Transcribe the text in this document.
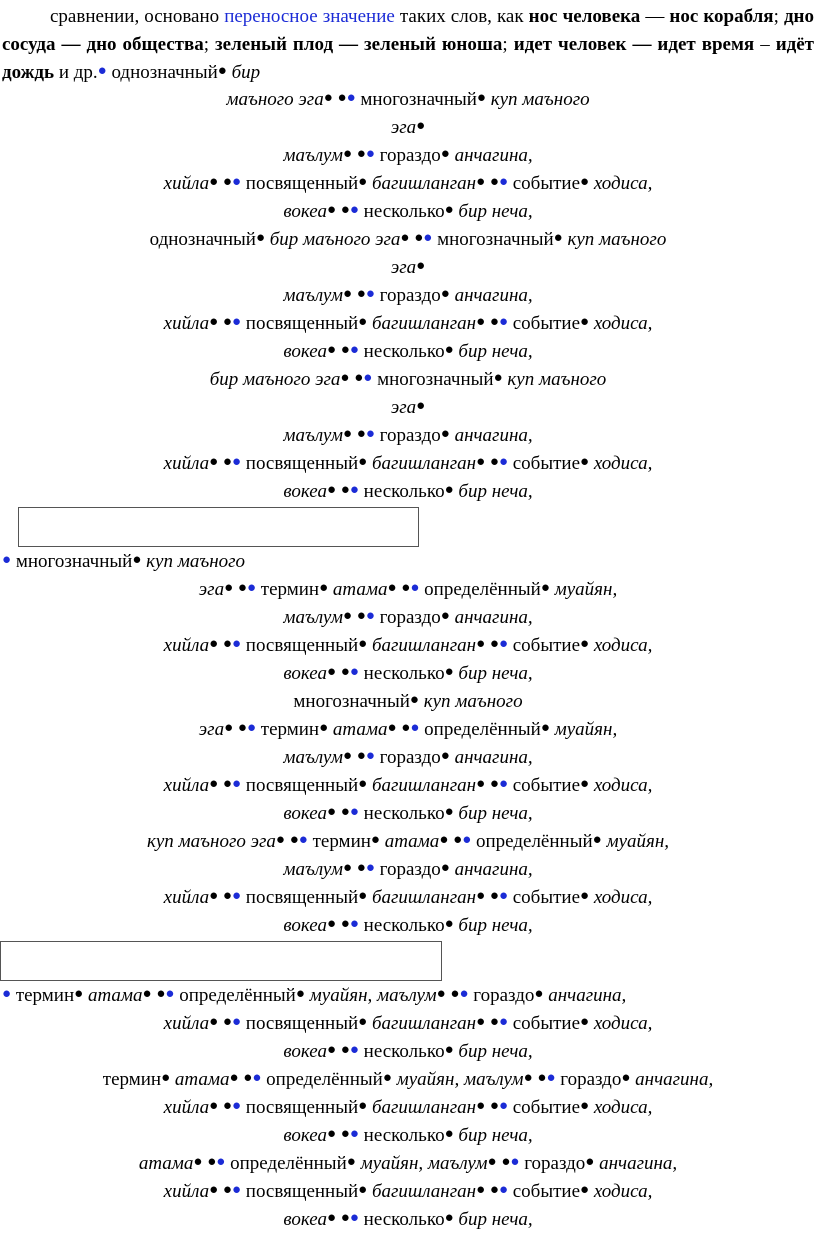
сравнении, основано переносное значение таких слов, как нос человека — нос корабля; дно сосуда — дно общества; зеленый плод — зеленый юноша; идет человек — идет время – идёт дождь и др.● однозначный● бир

маъного эга● ●● многозначный● куп маъного
эга●
маълум● ●● гораздо● анчагина,
хийла● ●● посвященный● багишланган● ●● событие● ходиса,
вокеа● ●● несколько● бир неча,
однозначный● бир маъного эга● ●● многозначный● куп маъного
эга●
маълум● ●● гораздо● анчагина,
хийла● ●● посвященный● багишланган● ●● событие● ходиса,
вокеа● ●● несколько● бир неча,
бир маъного эга● ●● многозначный● куп маъного
эга●
маълум● ●● гораздо● анчагина,
хийла● ●● посвященный● багишланган● ●● событие● ходиса,
вокеа● ●● несколько● бир неча,
● многозначный● куп маъного
эга● ●● термин● атама● ●● определённый● муайян,
маълум● ●● гораздо● анчагина,
хийла● ●● посвященный● багишланган● ●● событие● ходиса,
вокеа● ●● несколько● бир неча,
многозначный● куп маъного
эга● ●● термин● атама● ●● определённый● муайян,
маълум● ●● гораздо● анчагина,
хийла● ●● посвященный● багишланган● ●● событие● ходиса,
вокеа● ●● несколько● бир неча,
куп маъного эга● ●● термин● атама● ●● определённый● муайян,
маълум● ●● гораздо● анчагина,
хийла● ●● посвященный● багишланган● ●● событие● ходиса,
вокеа● ●● несколько● бир неча,
● термин● атама● ●● определённый● муайян, маълум● ●● гораздо● анчагина,
хийла● ●● посвященный● багишланган● ●● событие● ходиса,
вокеа● ●● несколько● бир неча,
термин● атама● ●● определённый● муайян, маълум● ●● гораздо● анчагина,
хийла● ●● посвященный● багишланган● ●● событие● ходиса,
вокеа● ●● несколько● бир неча,
атама● ●● определённый● муайян, маълум● ●● гораздо● анчагина,
хийла● ●● посвященный● багишланган● ●● событие● ходиса,
вокеа● ●● несколько● бир неча,
